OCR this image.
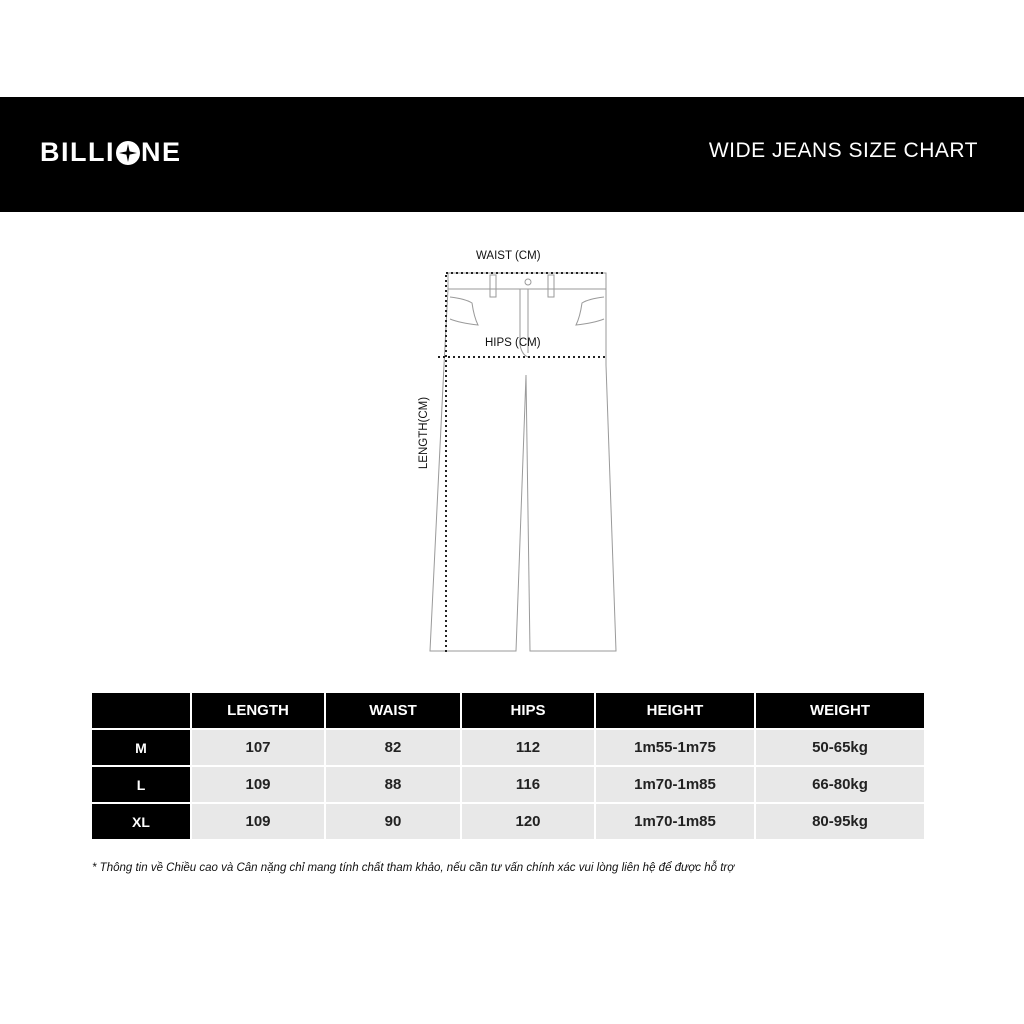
BILLI NE	WIDE JEANS SIZE CHART
WAIST (CM)
HIPS (CM)
LENGTH(CM)
	LENGTH	WAIST	HIPS	HEIGHT	WEIGHT
M	107	82	112	1m55-1m75	50-65kg
L	109	88	116	1m70-1m85	66-80kg
XL	109	90	120	1m70-1m85	80-95kg
* Thông tin về Chiều cao và Cân nặng chỉ mang tính chất tham khảo, nếu cần tư vấn chính xác vui lòng liên hệ để được hỗ trợ
